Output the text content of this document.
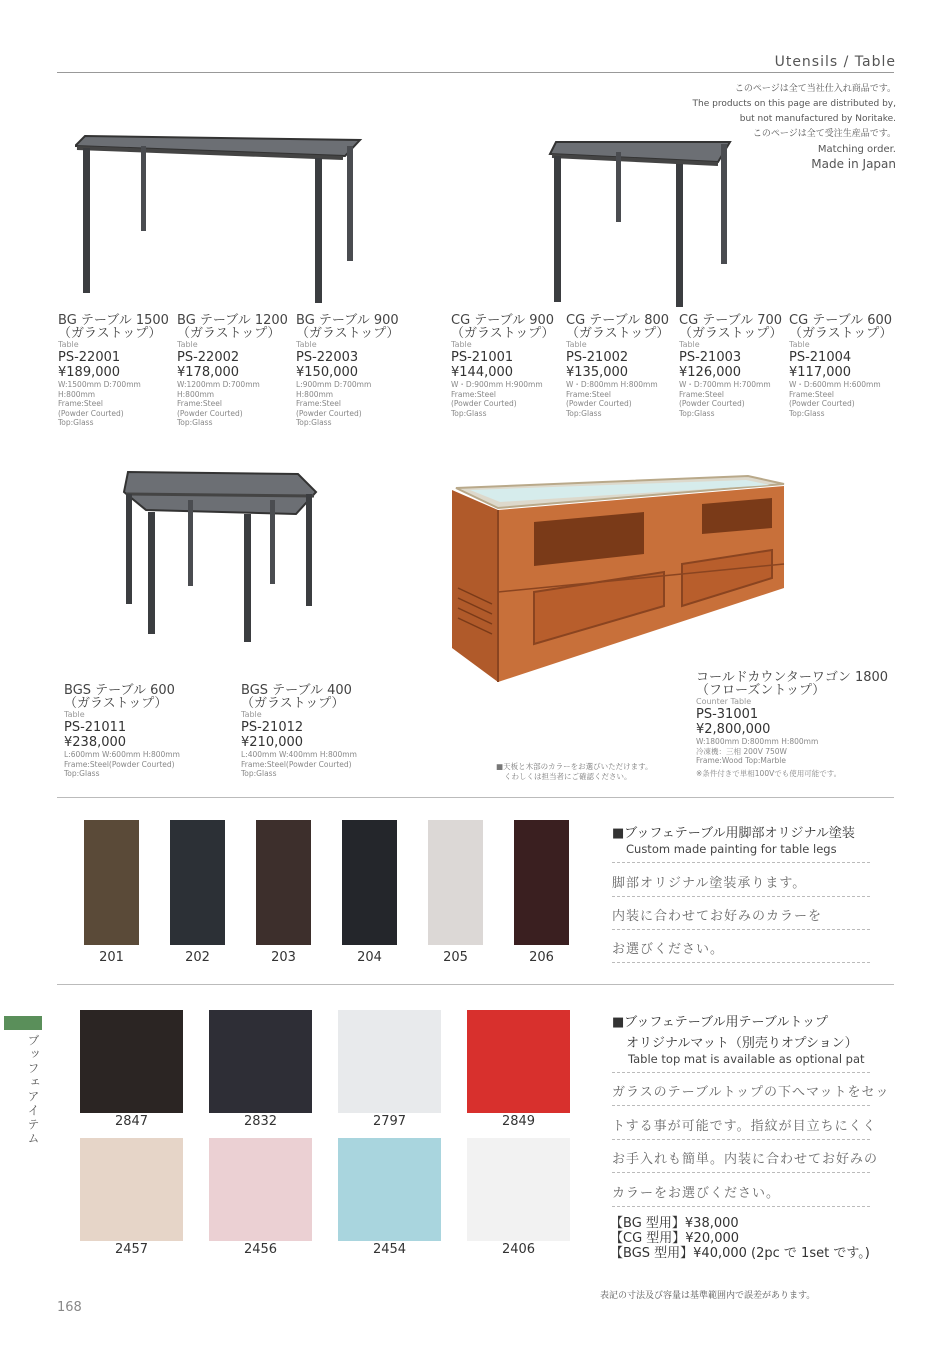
Utensils / Table
このページは全て当社仕入れ商品です。
The products on this page are distributed by,
but not manufactured by Noritake.
このページは全て受注生産品です。
Matching order.
Made in Japan
BG テーブル 1500
（ガラストップ）
Table
PS-22001
¥189,000
W:1500mm D:700mm
H:800mm
Frame:Steel
(Powder Courted)
Top:Glass
BG テーブル 1200
（ガラストップ）
Table
PS-22002
¥178,000
W:1200mm D:700mm
H:800mm
Frame:Steel
(Powder Courted)
Top:Glass
BG テーブル 900
（ガラストップ）
Table
PS-22003
¥150,000
L:900mm D:700mm
H:800mm
Frame:Steel
(Powder Courted)
Top:Glass
CG テーブル 900
（ガラストップ）
Table
PS-21001
¥144,000
W・D:900mm H:900mm
Frame:Steel
(Powder Courted)
Top:Glass
CG テーブル 800
（ガラストップ）
Table
PS-21002
¥135,000
W・D:800mm H:800mm
Frame:Steel
(Powder Courted)
Top:Glass
CG テーブル 700
（ガラストップ）
Table
PS-21003
¥126,000
W・D:700mm H:700mm
Frame:Steel
(Powder Courted)
Top:Glass
CG テーブル 600
（ガラストップ）
Table
PS-21004
¥117,000
W・D:600mm H:600mm
Frame:Steel
(Powder Courted)
Top:Glass
BGS テーブル 600
（ガラストップ）
Table
PS-21011
¥238,000
L:600mm W:600mm H:800mm
Frame:Steel(Powder Courted)
Top:Glass
BGS テーブル 400
（ガラストップ）
Table
PS-21012
¥210,000
L:400mm W:400mm H:800mm
Frame:Steel(Powder Courted)
Top:Glass
■天板と木部のカラーをお選びいただけます。
くわしくは担当者にご確認ください。
コールドカウンターワゴン 1800
（フローズントップ）
Counter Table
PS-31001
¥2,800,000
W:1800mm D:800mm H:800mm
冷凍機：三相 200V 750W
Frame:Wood Top:Marble
※条件付きで単相100Vでも使用可能です。
201	202	203	204	205	206
■ブッフェテーブル用脚部オリジナル塗装
Custom made painting for table legs
脚部オリジナル塗装承ります。
内装に合わせてお好みのカラーを
お選びください。
ブッフェアイテム	2847	2832	2797	2849
2457	2456	2454	2406
■ブッフェテーブル用テーブルトップ
オリジナルマット（別売りオプション）
Table top mat is available as optional pat
ガラスのテーブルトップの下へマットをセッ
トする事が可能です。指紋が目立ちにくく
お手入れも簡単。内装に合わせてお好みの
カラーをお選びください。
【BG 型用】¥38,000
【CG 型用】¥20,000
【BGS 型用】¥40,000 (2pc で 1set です。)
168
表記の寸法及び容量は基準範囲内で誤差があります。
